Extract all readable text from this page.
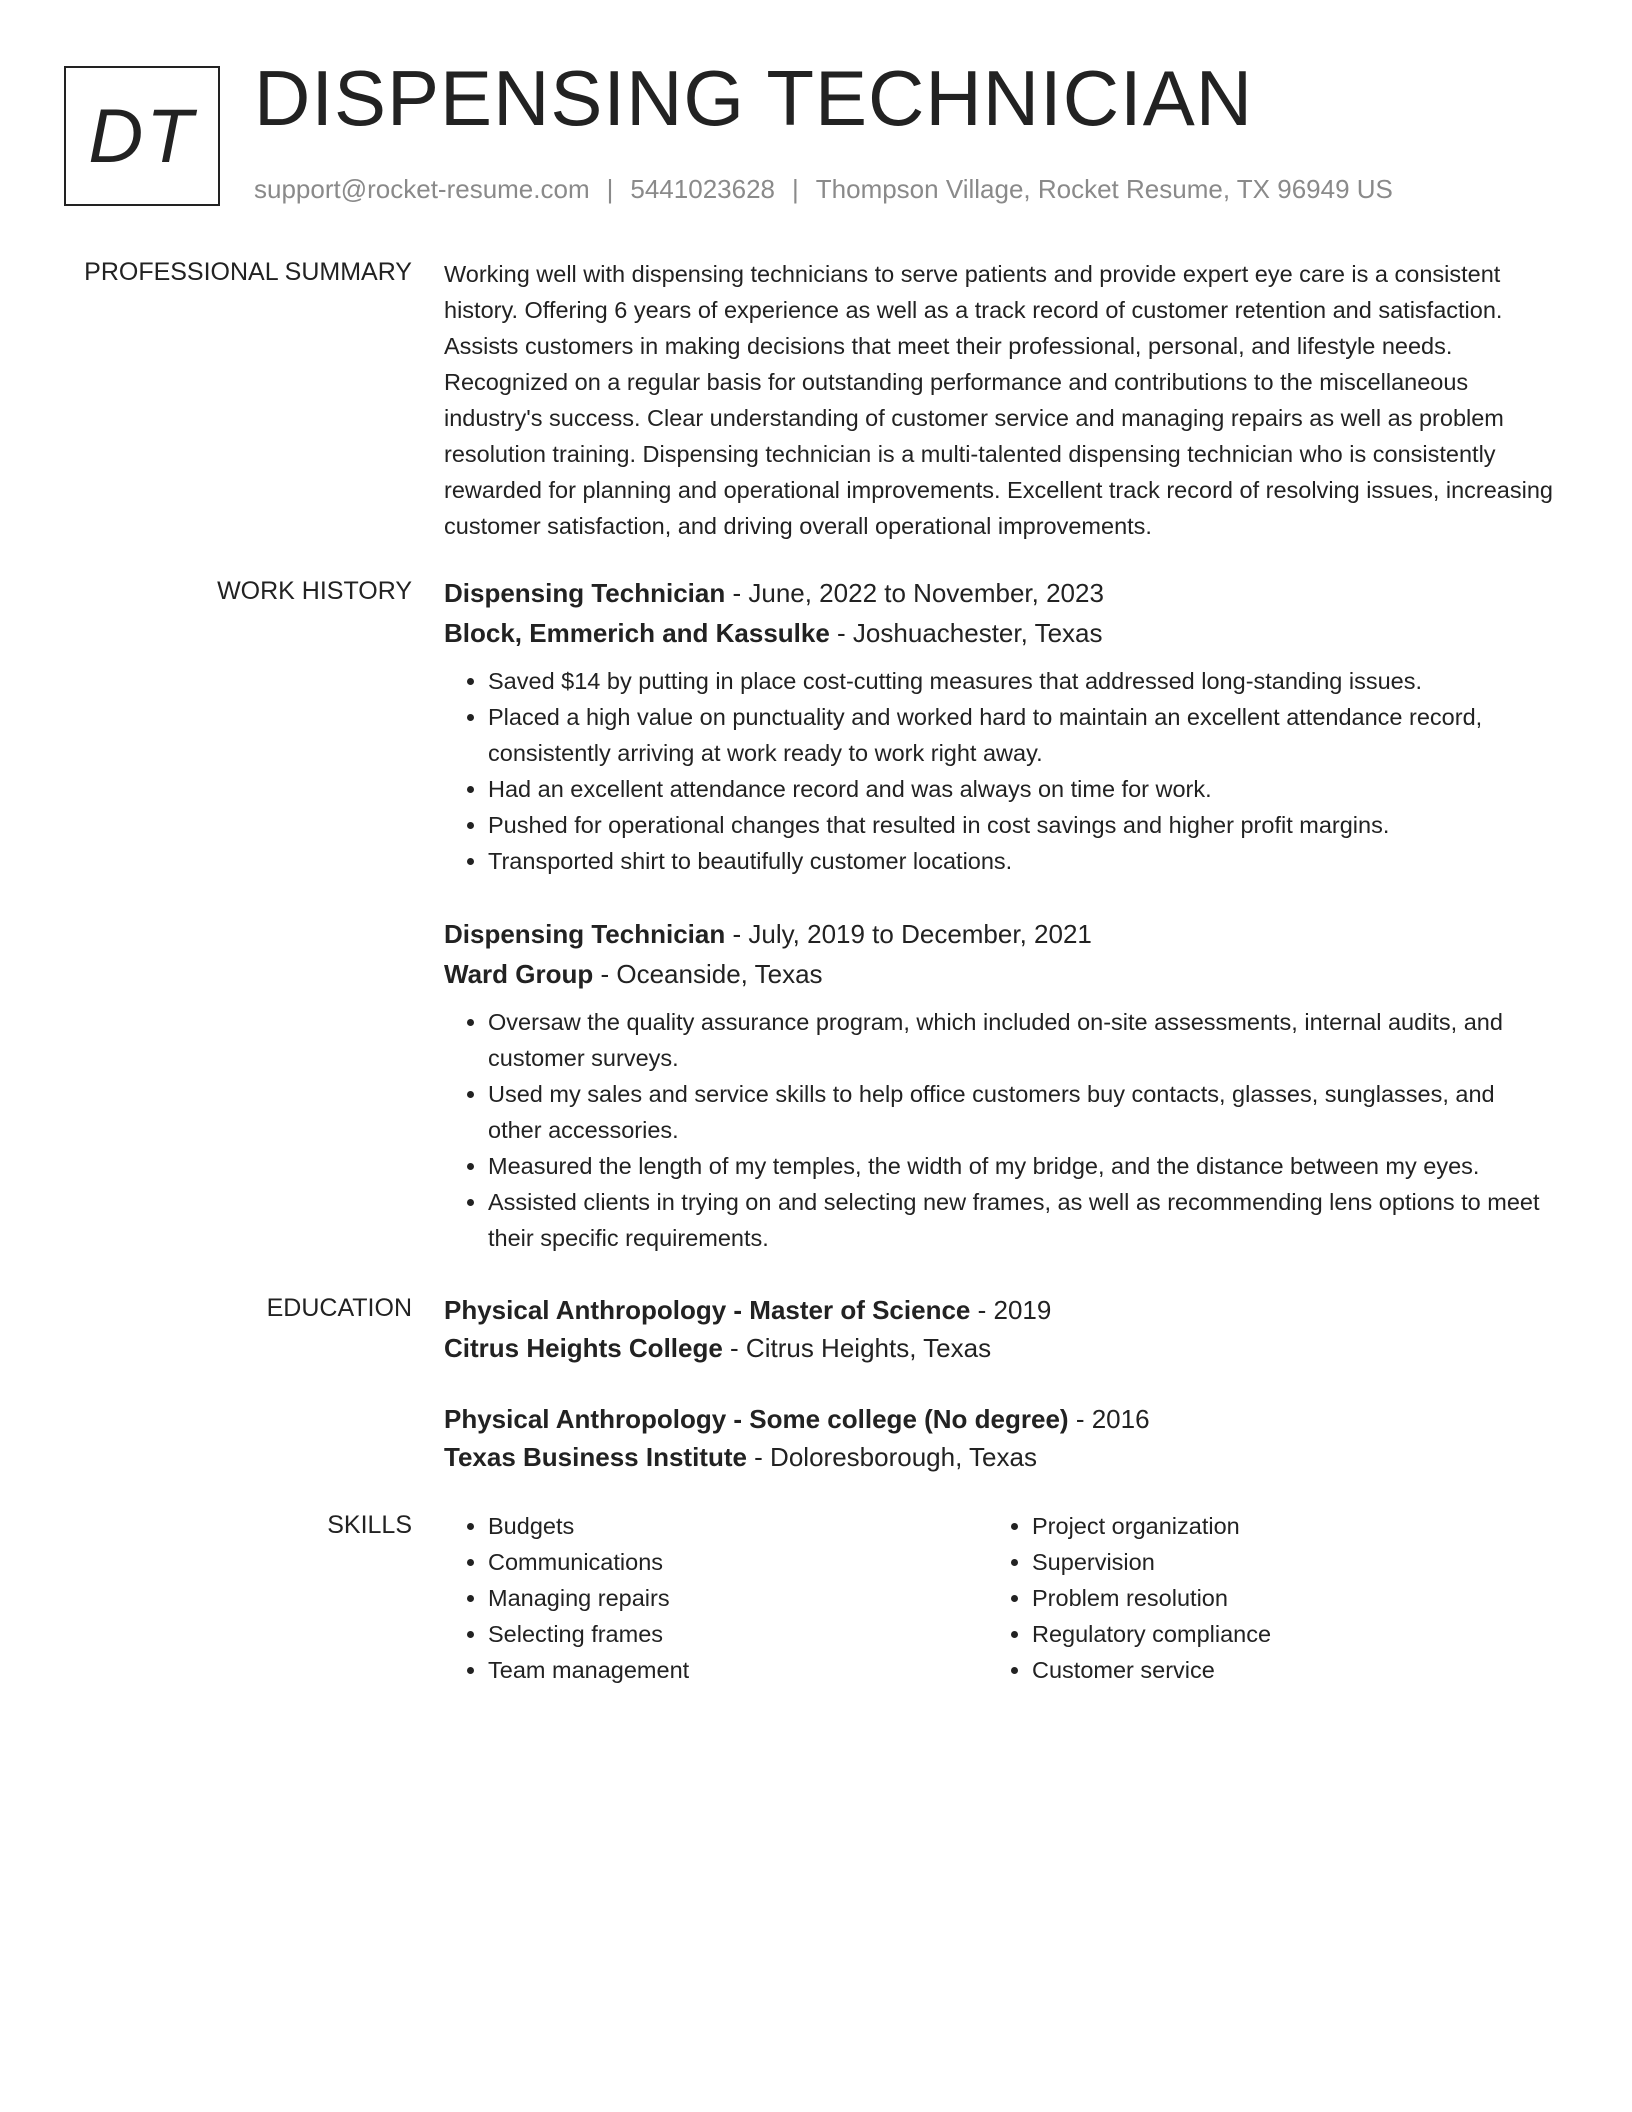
DT DISPENSING TECHNICIAN
support@rocket-resume.com | 5441023628 | Thompson Village, Rocket Resume, TX 96949 US
PROFESSIONAL SUMMARY Working well with dispensing technicians to serve patients and provide expert eye care is a consistent history. Offering 6 years of experience as well as a track record of customer retention and satisfaction. Assists customers in making decisions that meet their professional, personal, and lifestyle needs. Recognized on a regular basis for outstanding performance and contributions to the miscellaneous industry's success. Clear understanding of customer service and managing repairs as well as problem resolution training. Dispensing technician is a multi-talented dispensing technician who is consistently rewarded for planning and operational improvements. Excellent track record of resolving issues, increasing customer satisfaction, and driving overall operational improvements.

WORK HISTORY Dispensing Technician - June, 2022 to November, 2023
Block, Emmerich and Kassulke - Joshuachester, Texas
• Saved $14 by putting in place cost-cutting measures that addressed long-standing issues.
• Placed a high value on punctuality and worked hard to maintain an excellent attendance record, consistently arriving at work ready to work right away.
• Had an excellent attendance record and was always on time for work.
• Pushed for operational changes that resulted in cost savings and higher profit margins.
• Transported shirt to beautifully customer locations.
Dispensing Technician - July, 2019 to December, 2021
Ward Group - Oceanside, Texas
• Oversaw the quality assurance program, which included on-site assessments, internal audits, and customer surveys.
• Used my sales and service skills to help office customers buy contacts, glasses, sunglasses, and other accessories.
• Measured the length of my temples, the width of my bridge, and the distance between my eyes.
• Assisted clients in trying on and selecting new frames, as well as recommending lens options to meet their specific requirements.
EDUCATION Physical Anthropology - Master of Science - 2019
Citrus Heights College - Citrus Heights, Texas
Physical Anthropology - Some college (No degree) - 2016
Texas Business Institute - Doloresborough, Texas
SKILLS
•	Budgets
• Communications
• Managing repairs
• Selecting frames
• Team management
• Project organization
• Supervision
• Problem resolution
• Regulatory compliance
• Customer service
